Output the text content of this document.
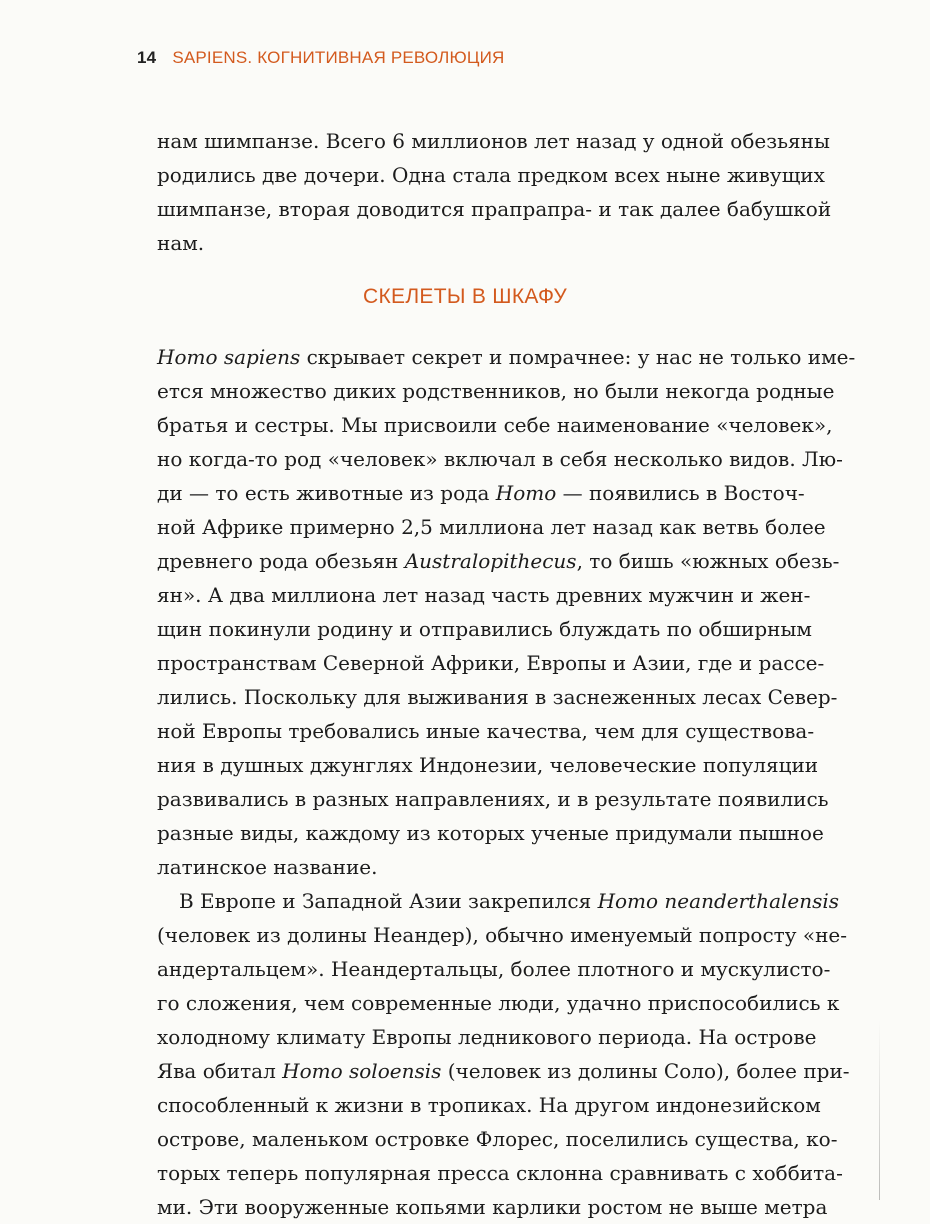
14 SAPIENS. КОГНИТИВНАЯ РЕВОЛЮЦИЯ
нам шимпанзе. Всего 6 миллионов лет назад у одной обезьяны
родились две дочери. Одна стала предком всех ныне живущих
шимпанзе, вторая доводится прапрапра- и так далее бабушкой
нам.
СКЕЛЕТЫ В ШКАФУ
Homo sapiens скрывает секрет и помрачнее: у нас не только име-
ется множество диких родственников, но были некогда родные
братья и сестры. Мы присвоили себе наименование «человек»,
но когда-то род «человек» включал в себя несколько видов. Лю-
ди — то есть животные из рода Homo — появились в Восточ-
ной Африке примерно 2,5 миллиона лет назад как ветвь более
древнего рода обезьян Australopithecus, то бишь «южных обезь-
ян». А два миллиона лет назад часть древних мужчин и жен-
щин покинули родину и отправились блуждать по обширным
пространствам Северной Африки, Европы и Азии, где и рассе-
лились. Поскольку для выживания в заснеженных лесах Север-
ной Европы требовались иные качества, чем для существова-
ния в душных джунглях Индонезии, человеческие популяции
развивались в разных направлениях, и в результате появились
разные виды, каждому из которых ученые придумали пышное
латинское название.
В Европе и Западной Азии закрепился Homo neanderthalensis
(человек из долины Неандер), обычно именуемый попросту «не-
андертальцем». Неандертальцы, более плотного и мускулисто-
го сложения, чем современные люди, удачно приспособились к
холодному климату Европы ледникового периода. На острове
Ява обитал Homo soloensis (человек из долины Соло), более при-
способленный к жизни в тропиках. На другом индонезийском
острове, маленьком островке Флорес, поселились существа, ко-
торых теперь популярная пресса склонна сравнивать с хоббита-
ми. Эти вооруженные копьями карлики ростом не выше метра
